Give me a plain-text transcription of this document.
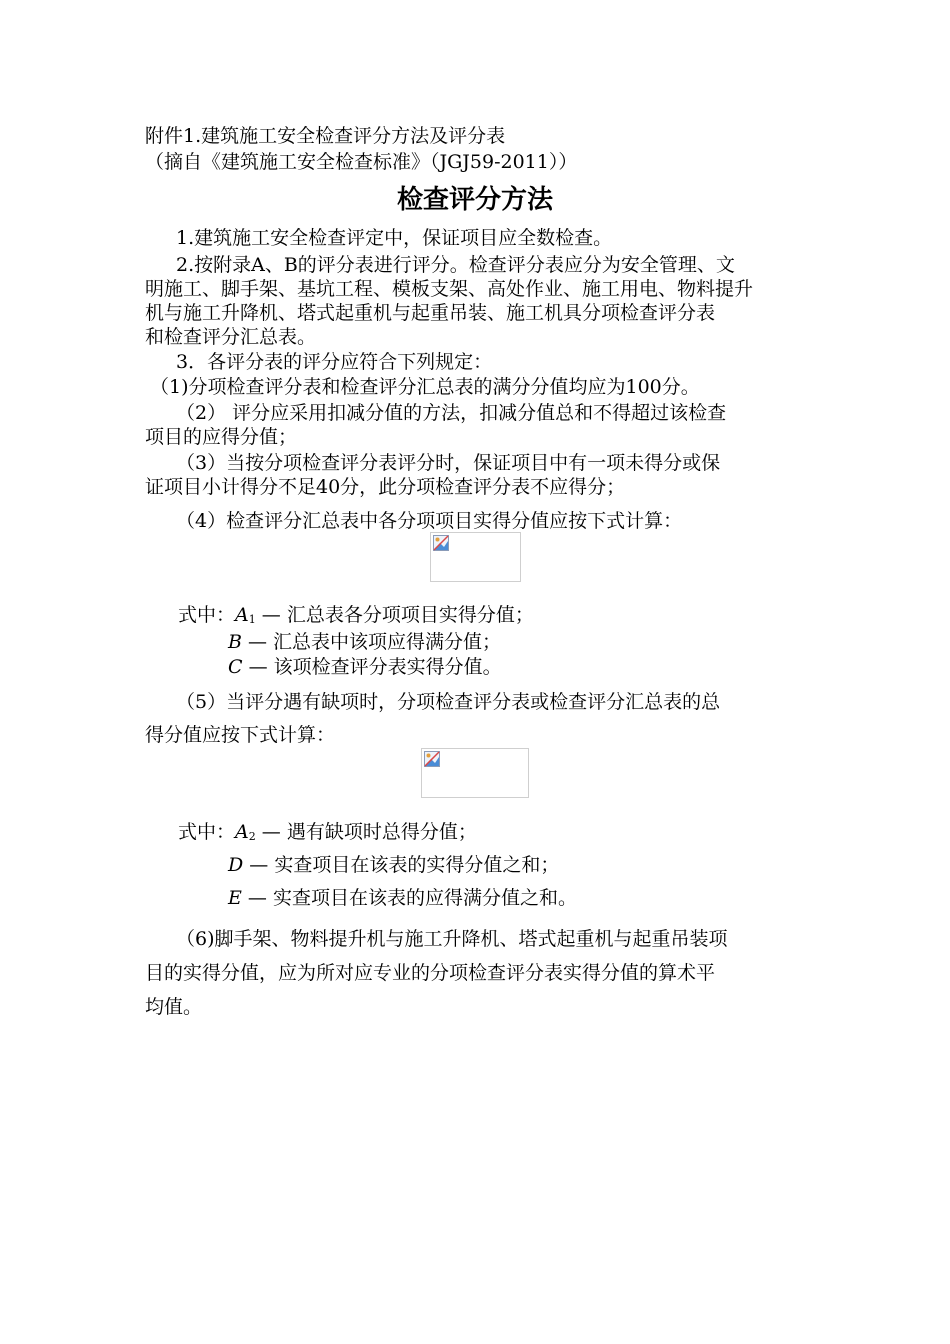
附件1.建筑施工安全检查评分方法及评分表
（摘自《建筑施工安全检查标准》（JGJ59-2011））
检查评分方法
1.建筑施工安全检查评定中，保证项目应全数检查。
2.按附录A、B的评分表进行评分。检查评分表应分为安全管理、文
明施工、脚手架、基坑工程、模板支架、高处作业、施工用电、物料提升
机与施工升降机、塔式起重机与起重吊装、施工机具分项检查评分表
和检查评分汇总表。
3．各评分表的评分应符合下列规定：
（1)分项检查评分表和检查评分汇总表的满分分值均应为100分。
（2） 评分应采用扣减分值的方法，扣减分值总和不得超过该检查
项目的应得分值；
（3）当按分项检查评分表评分时，保证项目中有一项未得分或保
证项目小计得分不足40分，此分项检查评分表不应得分；
（4）检查评分汇总表中各分项项目实得分值应按下式计算：
式中：A1 — 汇总表各分项项目实得分值；
B — 汇总表中该项应得满分值；
C — 该项检查评分表实得分值。
（5）当评分遇有缺项时，分项检查评分表或检查评分汇总表的总
得分值应按下式计算：
式中：A2 — 遇有缺项时总得分值；
D — 实查项目在该表的实得分值之和；
E — 实查项目在该表的应得满分值之和。
（6)脚手架、物料提升机与施工升降机、塔式起重机与起重吊装项
目的实得分值，应为所对应专业的分项检查评分表实得分值的算术平
均值。
